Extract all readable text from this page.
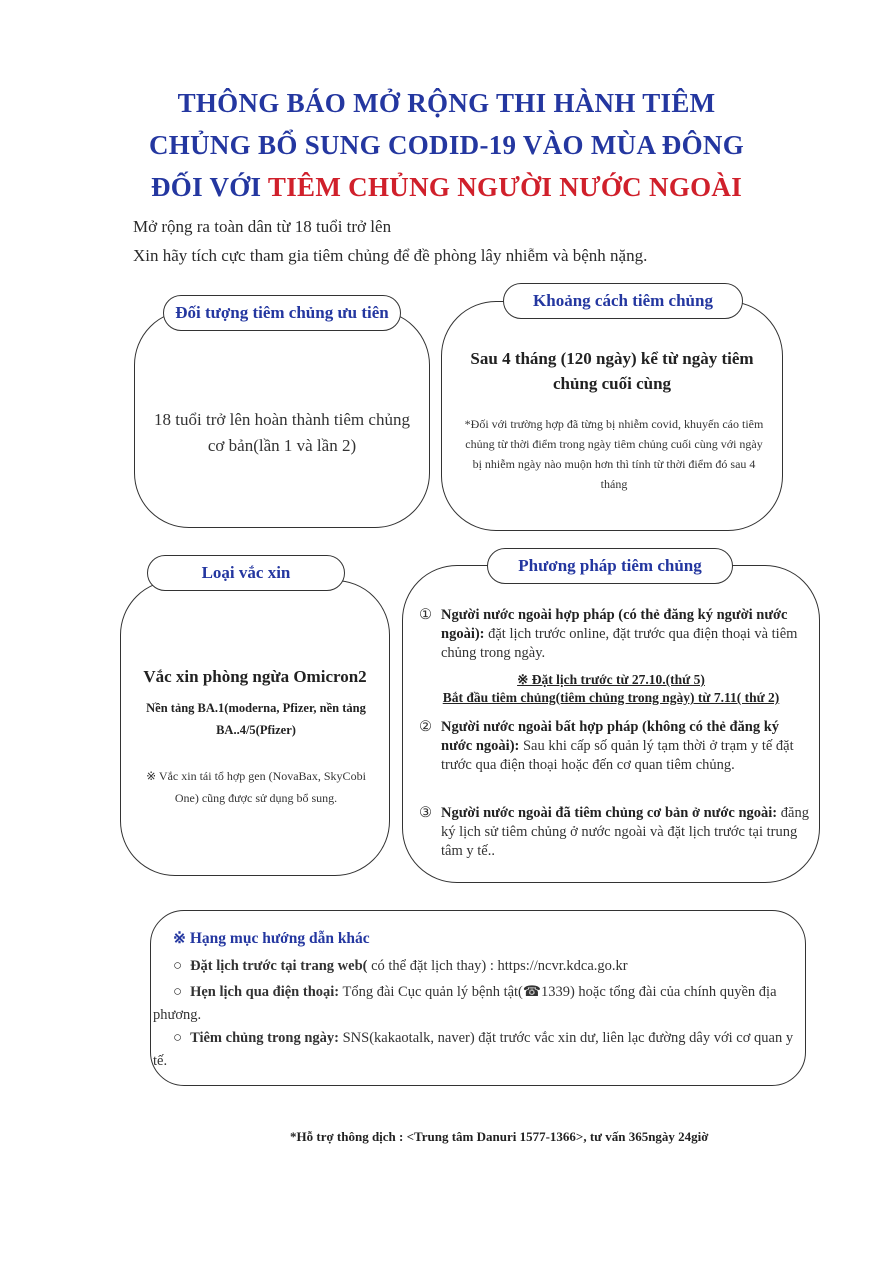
THÔNG BÁO MỞ RỘNG THI HÀNH TIÊM
CHỦNG BỔ SUNG CODID-19 VÀO MÙA ĐÔNG
ĐỐI VỚI TIÊM CHỦNG NGƯỜI NƯỚC NGOÀI
Mở rộng ra toàn dân từ 18 tuổi trở lên
Xin hãy tích cực tham gia tiêm chủng để đề phòng lây nhiễm và bệnh nặng.
18 tuổi trở lên hoàn thành tiêm chủng
cơ bản(lần 1 và lần 2)
Đối tượng tiêm chủng ưu tiên
Sau 4 tháng (120 ngày) kể từ ngày tiêm
chủng cuối cùng
*Đối với trường hợp đã từng bị nhiễm covid, khuyến cáo tiêm chủng từ thời điểm trong ngày tiêm chủng cuối cùng với ngày bị nhiễm ngày nào muộn hơn thì tính từ thời điểm đó sau 4 tháng
Khoảng cách tiêm chủng
Vắc xin phòng ngừa Omicron2
Nền tảng BA.1(moderna, Pfizer, nền tảng BA..4/5(Pfizer)
※ Vắc xin tái tổ hợp gen (NovaBax, SkyCobi One) cũng được sử dụng bổ sung.
Loại vắc xin
① Người nước ngoài hợp pháp (có thẻ đăng ký người nước ngoài): đặt lịch trước online, đặt trước qua điện thoại và tiêm chủng trong ngày.
※ Đặt lịch trước từ 27.10.(thứ 5)
Bắt đầu tiêm chủng(tiêm chủng trong ngày) từ 7.11( thứ 2)
② Người nước ngoài bất hợp pháp (không có thẻ đăng ký nước ngoài): Sau khi cấp số quản lý tạm thời ở trạm y tế đặt trước qua điện thoại hoặc đến cơ quan tiêm chủng.
③ Người nước ngoài đã tiêm chủng cơ bản ở nước ngoài: đăng ký lịch sử tiêm chủng ở nước ngoài và đặt lịch trước tại trung tâm y tế..
Phương pháp tiêm chủng
※ Hạng mục hướng dẫn khác
○ Đặt lịch trước tại trang web( có thể đặt lịch thay) : https://ncvr.kdca.go.kr
○ Hẹn lịch qua điện thoại: Tổng đài Cục quản lý bệnh tật(☎1339) hoặc tổng đài của chính quyền địa phương.
○ Tiêm chủng trong ngày: SNS(kakaotalk, naver) đặt trước vắc xin dư, liên lạc đường dây với cơ quan y tế.
*Hỗ trợ thông dịch : <Trung tâm Danuri 1577-1366>, tư vấn 365ngày 24giờ
